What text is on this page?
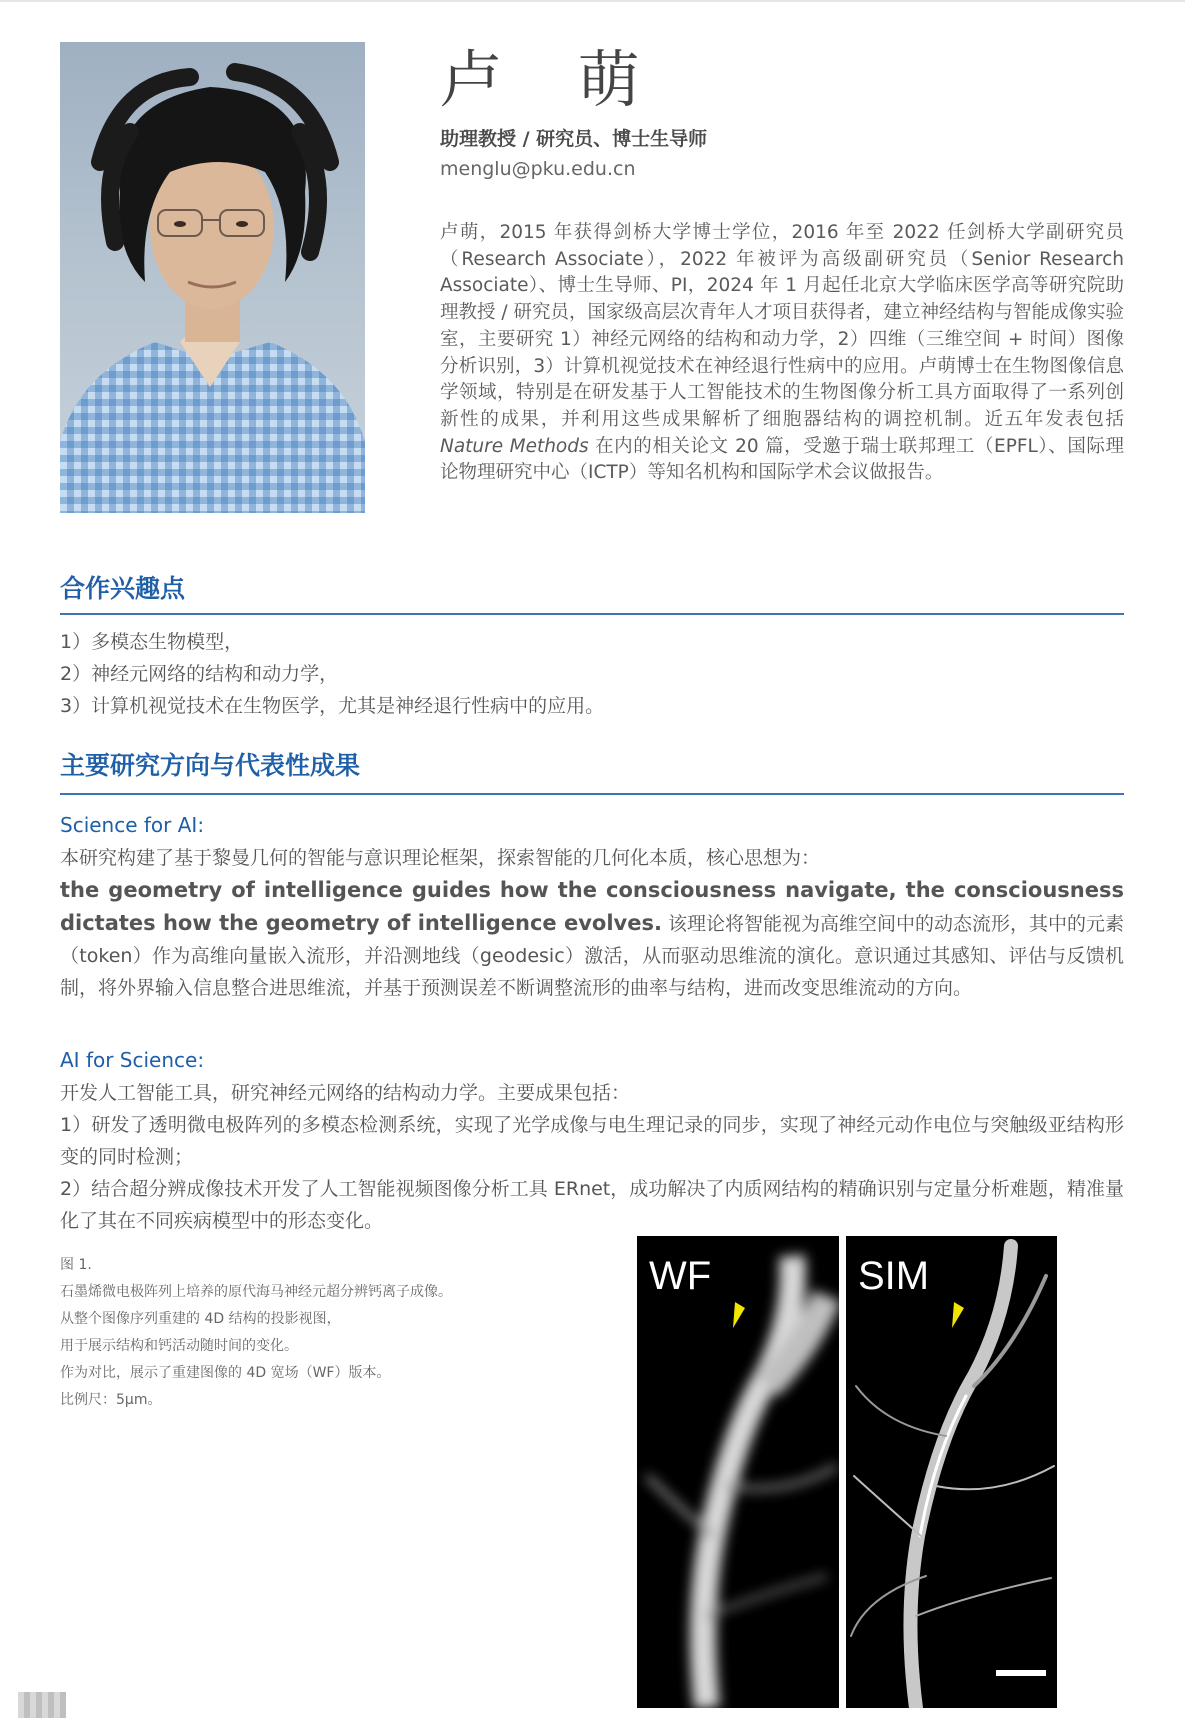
卢 萌
助理教授 / 研究员、博士生导师
menglu@pku.edu.cn

卢萌，2015 年获得剑桥大学博士学位，2016 年至 2022 任剑桥大学副研究员（Research Associate），2022 年被评为高级副研究员（Senior Research Associate）、博士生导师、PI，2024 年 1 月起任北京大学临床医学高等研究院助理教授 / 研究员，国家级高层次青年人才项目获得者，建立神经结构与智能成像实验室，主要研究 1）神经元网络的结构和动力学，2）四维（三维空间 + 时间）图像分析识别，3）计算机视觉技术在神经退行性病中的应用。卢萌博士在生物图像信息学领域，特别是在研发基于人工智能技术的生物图像分析工具方面取得了一系列创新性的成果，并利用这些成果解析了细胞器结构的调控机制。近五年发表包括 Nature Methods 在内的相关论文 20 篇，受邀于瑞士联邦理工（EPFL）、国际理论物理研究中心（ICTP）等知名机构和国际学术会议做报告。

合作兴趣点

1）多模态生物模型，

2）神经元网络的结构和动力学，

3）计算机视觉技术在生物医学，尤其是神经退行性病中的应用。

主要研究方向与代表性成果

Science for AI:

本研究构建了基于黎曼几何的智能与意识理论框架，探索智能的几何化本质，核心思想为：

the geometry of intelligence guides how the consciousness navigate, the consciousness dictates how the geometry of intelligence evolves. 该理论将智能视为高维空间中的动态流形，其中的元素（token）作为高维向量嵌入流形，并沿测地线（geodesic）激活，从而驱动思维流的演化。意识通过其感知、评估与反馈机制，将外界输入信息整合进思维流，并基于预测误差不断调整流形的曲率与结构，进而改变思维流动的方向。

AI for Science:

开发人工智能工具，研究神经元网络的结构动力学。主要成果包括：

1）研发了透明微电极阵列的多模态检测系统，实现了光学成像与电生理记录的同步，实现了神经元动作电位与突触级亚结构形变的同时检测；

2）结合超分辨成像技术开发了人工智能视频图像分析工具 ERnet，成功解决了内质网结构的精确识别与定量分析难题，精准量化了其在不同疾病模型中的形态变化。

图 1.
石墨烯微电极阵列上培养的原代海马神经元超分辨钙离子成像。
从整个图像序列重建的 4D 结构的投影视图，
用于展示结构和钙活动随时间的变化。
作为对比，展示了重建图像的 4D 宽场（WF）版本。
比例尺：5μm。
WF	SIM
